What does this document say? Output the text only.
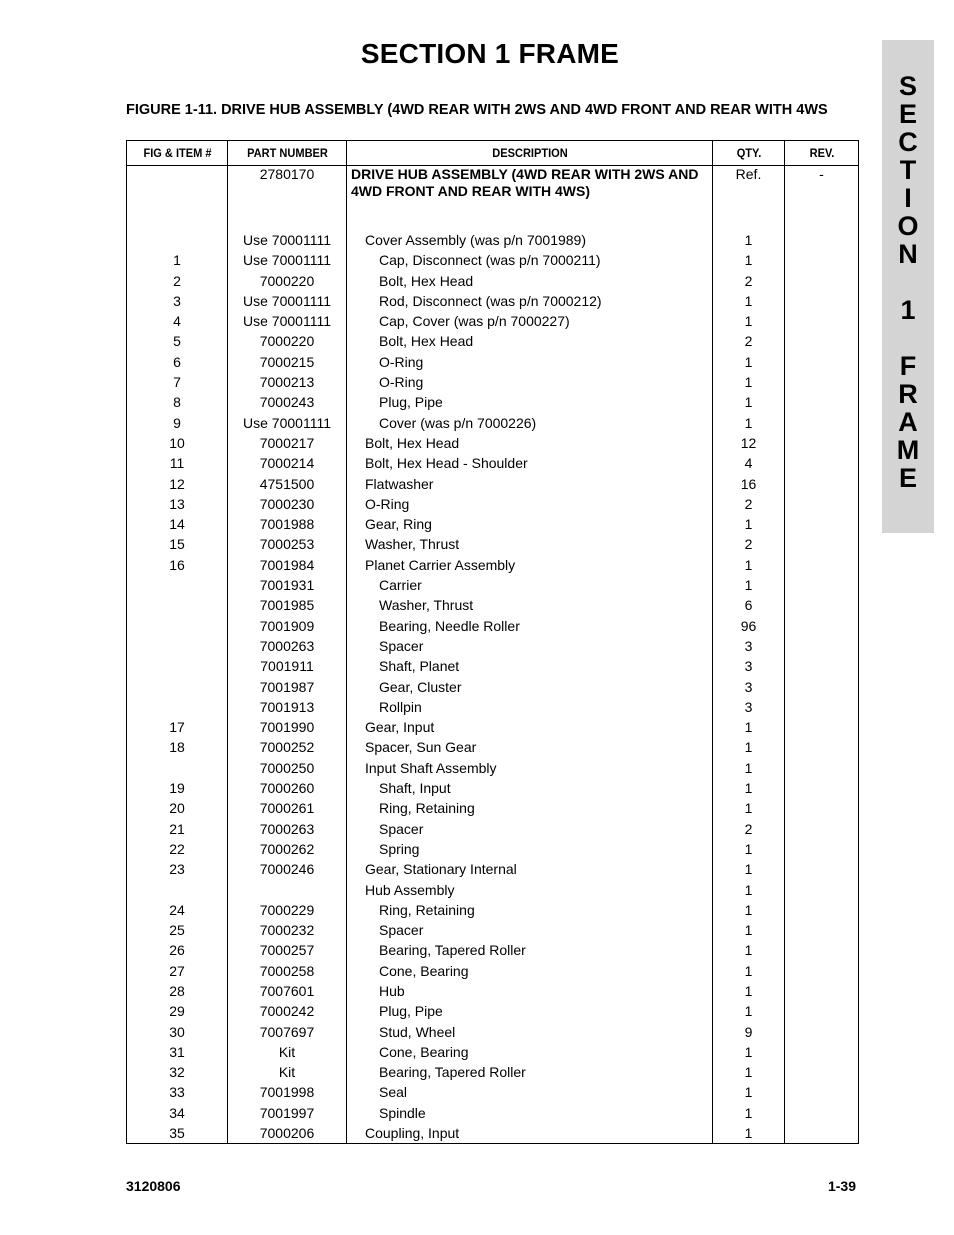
SECTION 1 FRAME
FIGURE 1-11. DRIVE HUB ASSEMBLY (4WD REAR WITH 2WS AND 4WD FRONT AND REAR WITH 4WS
S
E
C
T
I
O
N
1
F
R
A
M
E
FIG & ITEM #	PART NUMBER	DESCRIPTION	QTY.	REV.
	2780170	DRIVE HUB ASSEMBLY (4WD REAR WITH 2WS AND 4WD FRONT AND REAR WITH 4WS)	Ref.	-
	Use 70001111	Cover Assembly (was p/n 7001989)	1	
1	Use 70001111	Cap, Disconnect (was p/n 7000211)	1	
2	7000220	Bolt, Hex Head	2	
3	Use 70001111	Rod, Disconnect (was p/n 7000212)	1	
4	Use 70001111	Cap, Cover (was p/n 7000227)	1	
5	7000220	Bolt, Hex Head	2	
6	7000215	O-Ring	1	
7	7000213	O-Ring	1	
8	7000243	Plug, Pipe	1	
9	Use 70001111	Cover (was p/n 7000226)	1	
10	7000217	Bolt, Hex Head	12	
11	7000214	Bolt, Hex Head - Shoulder	4	
12	4751500	Flatwasher	16	
13	7000230	O-Ring	2	
14	7001988	Gear, Ring	1	
15	7000253	Washer, Thrust	2	
16	7001984	Planet Carrier Assembly	1	
	7001931	Carrier	1	
	7001985	Washer, Thrust	6	
	7001909	Bearing, Needle Roller	96	
	7000263	Spacer	3	
	7001911	Shaft, Planet	3	
	7001987	Gear, Cluster	3	
	7001913	Rollpin	3	
17	7001990	Gear, Input	1	
18	7000252	Spacer, Sun Gear	1	
	7000250	Input Shaft Assembly	1	
19	7000260	Shaft, Input	1	
20	7000261	Ring, Retaining	1	
21	7000263	Spacer	2	
22	7000262	Spring	1	
23	7000246	Gear, Stationary Internal	1	
		Hub Assembly	1	
24	7000229	Ring, Retaining	1	
25	7000232	Spacer	1	
26	7000257	Bearing, Tapered Roller	1	
27	7000258	Cone, Bearing	1	
28	7007601	Hub	1	
29	7000242	Plug, Pipe	1	
30	7007697	Stud, Wheel	9	
31	Kit	Cone, Bearing	1	
32	Kit	Bearing, Tapered Roller	1	
33	7001998	Seal	1	
34	7001997	Spindle	1	
35	7000206	Coupling, Input	1	
3120806	1-39
